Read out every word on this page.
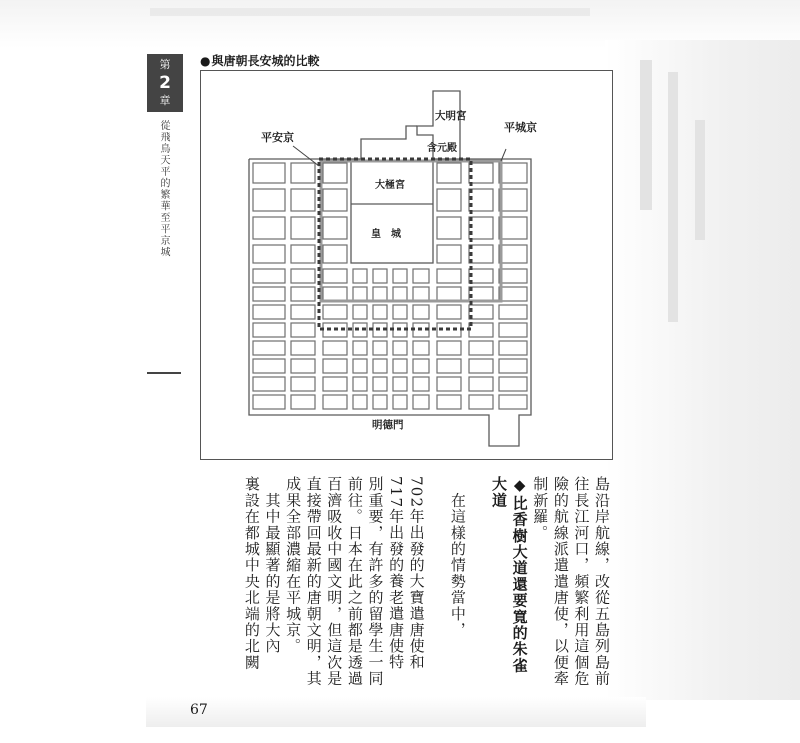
第
2
章
從飛鳥天平的繁華至平京城
●與唐朝長安城的比較
平安京
大明宮
平城京
含元殿
大極宮
皇　城
明德門

島沿岸航線，改從五島列島前

往長江河口，頻繁利用這個危

險的航線派遣遣唐使，以便牽

制新羅。

◆比香樹大道還要寬的朱雀大道

　在這樣的情勢當中，

702年出發的大寶遣唐使和

717年出發的養老遣唐使特

別重要，有許多的留學生一同

前往。日本在此之前都是透過

百濟吸收中國文明，但這次是

直接帶回最新的唐朝文明，其

成果全部濃縮在平城京。

　其中最顯著的是將大內

裏設在都城中央北端的北闕

67
